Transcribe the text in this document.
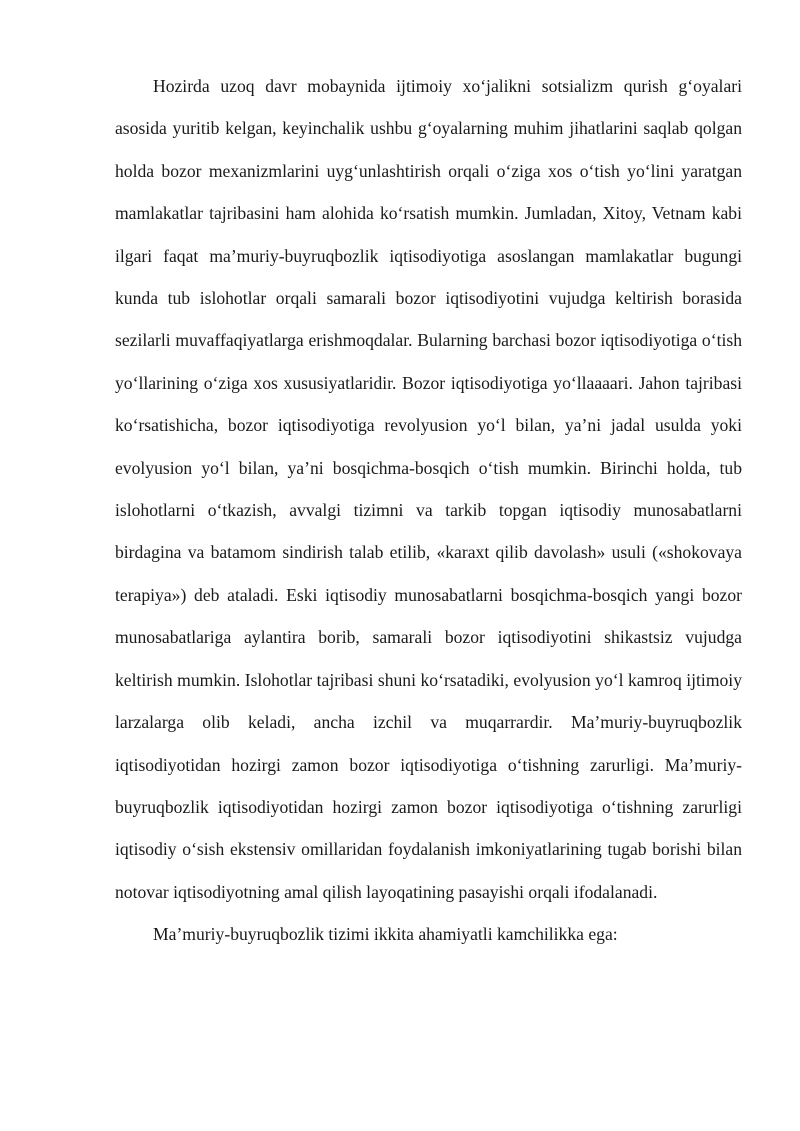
Hozirda uzoq davr mobaynida ijtimoiy xo‘jalikni sotsializm qurish g‘oyalari asosida yuritib kelgan, keyinchalik ushbu g‘oyalarning muhim jihatlarini saqlab qolgan holda bozor mexanizmlarini uyg‘unlashtirish orqali o‘ziga xos o‘tish yo‘lini yaratgan mamlakatlar tajribasini ham alohida ko‘rsatish mumkin. Jumladan, Xitoy, Vetnam kabi ilgari faqat ma’muriy-buyruqbozlik iqtisodiyotiga asoslangan mamlakatlar bugungi kunda tub islohotlar orqali samarali bozor iqtisodiyotini vujudga keltirish borasida sezilarli muvaffaqiyatlarga erishmoqdalar. Bularning barchasi bozor iqtisodiyotiga o‘tish yo‘llarining o‘ziga xos xususiyatlaridir. Bozor iqtisodiyotiga yo‘llaaaari. Jahon tajribasi ko‘rsatishicha, bozor iqtisodiyotiga revolyusion yo‘l bilan, ya’ni jadal usulda yoki evolyusion yo‘l bilan, ya’ni bosqichma-bosqich o‘tish mumkin. Birinchi holda, tub islohotlarni o‘tkazish, avvalgi tizimni va tarkib topgan iqtisodiy munosabatlarni birdagina va batamom sindirish talab etilib, «karaxt qilib davolash» usuli («shokovaya terapiya») deb ataladi. Eski iqtisodiy munosabatlarni bosqichma-bosqich yangi bozor munosabatlariga aylantira borib, samarali bozor iqtisodiyotini shikastsiz vujudga keltirish mumkin. Islohotlar tajribasi shuni ko‘rsatadiki, evolyusion yo‘l kamroq ijtimoiy larzalarga olib keladi, ancha izchil va muqarrardir. Ma’muriy-buyruqbozlik iqtisodiyotidan hozirgi zamon bozor iqtisodiyotiga o‘tishning zarurligi. Ma’muriy-buyruqbozlik iqtisodiyotidan hozirgi zamon bozor iqtisodiyotiga o‘tishning zarurligi iqtisodiy o‘sish ekstensiv omillaridan foydalanish imkoniyatlarining tugab borishi bilan notovar iqtisodiyotning amal qilish layoqatining pasayishi orqali ifodalanadi.

Ma’muriy-buyruqbozlik tizimi ikkita ahamiyatli kamchilikka ega:
